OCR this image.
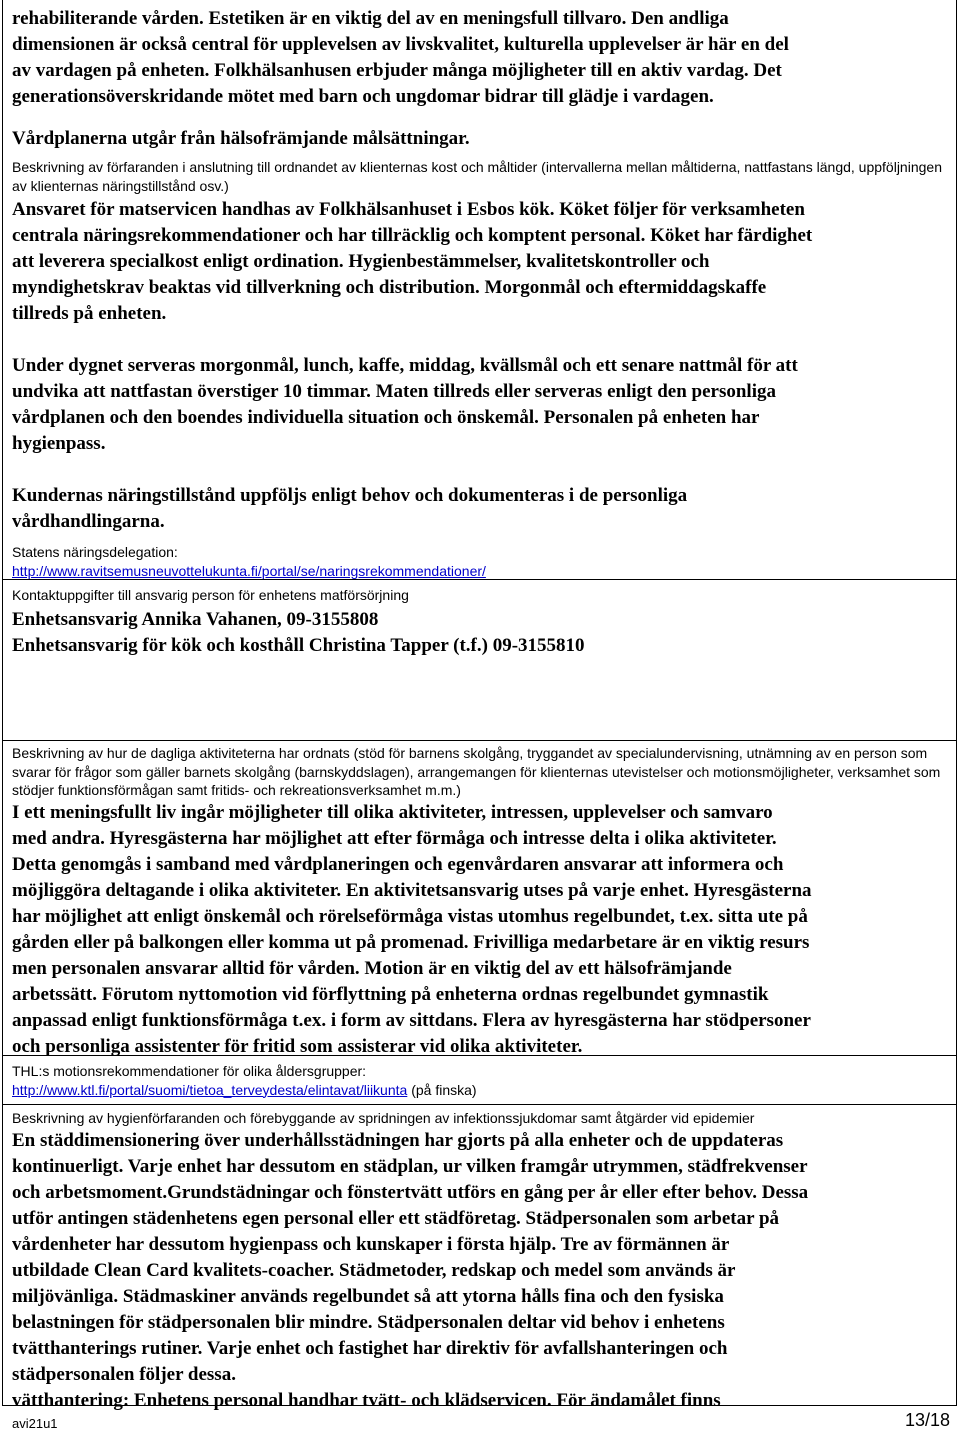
rehabiliterande vården. Estetiken är en viktig del av en meningsfull tillvaro. Den andliga

dimensionen är också central för upplevelsen av livskvalitet, kulturella upplevelser är här en del

av vardagen på enheten. Folkhälsanhusen erbjuder många möjligheter till en aktiv vardag. Det

generationsöverskridande mötet med barn och ungdomar bidrar till glädje i vardagen.

Vårdplanerna utgår från hälsofrämjande målsättningar.

Beskrivning av förfaranden i anslutning till ordnandet av klienternas kost och måltider (intervallerna mellan måltiderna, nattfastans längd, uppföljningen av klienternas näringstillstånd osv.)

Ansvaret för matservicen handhas av Folkhälsanhuset i Esbos kök. Köket följer för verksamheten

centrala näringsrekommendationer och har tillräcklig och komptent personal. Köket har färdighet

att leverera specialkost enligt ordination. Hygienbestämmelser, kvalitetskontroller och

myndighetskrav beaktas vid tillverkning och distribution. Morgonmål och eftermiddagskaffe

tillreds på enheten.

Under dygnet serveras morgonmål, lunch, kaffe, middag, kvällsmål och ett senare nattmål för att

undvika att nattfastan överstiger 10 timmar. Maten tillreds eller serveras enligt den personliga

vårdplanen och den boendes individuella situation och önskemål. Personalen på enheten har

hygienpass.

Kundernas näringstillstånd uppföljs enligt behov och dokumenteras i de personliga

vårdhandlingarna.

Statens näringsdelegation:

http://www.ravitsemusneuvottelukunta.fi/portal/se/naringsrekommendationer/

Kontaktuppgifter till ansvarig person för enhetens matförsörjning

Enhetsansvarig Annika Vahanen, 09-3155808

Enhetsansvarig för kök och kosthåll Christina Tapper (t.f.) 09-3155810

Beskrivning av hur de dagliga aktiviteterna har ordnats (stöd för barnens skolgång, tryggandet av specialundervisning, utnämning av en person som svarar för frågor som gäller barnets skolgång (barnskyddslagen), arrangemangen för klienternas utevistelser och motionsmöjligheter, verksamhet som stödjer funktionsförmågan samt fritids- och rekreationsverksamhet m.m.)

I ett meningsfullt liv ingår möjligheter till olika aktiviteter, intressen, upplevelser och samvaro

med andra. Hyresgästerna har möjlighet att efter förmåga och intresse delta i olika aktiviteter.

Detta genomgås i samband med vårdplaneringen och egenvårdaren ansvarar att informera och

möjliggöra deltagande i olika aktiviteter. En aktivitetsansvarig utses på varje enhet. Hyresgästerna

har möjlighet att enligt önskemål och rörelseförmåga vistas utomhus regelbundet, t.ex. sitta ute på

gården eller på balkongen eller komma ut på promenad. Frivilliga medarbetare är en viktig resurs

men personalen ansvarar alltid för vården. Motion är en viktig del av ett hälsofrämjande

arbetssätt. Förutom nyttomotion vid förflyttning på enheterna ordnas regelbundet gymnastik

anpassad enligt funktionsförmåga t.ex. i form av sittdans. Flera av hyresgästerna har stödpersoner

och personliga assistenter för fritid som assisterar vid olika aktiviteter.

THL:s motionsrekommendationer för olika åldersgrupper:

http://www.ktl.fi/portal/suomi/tietoa_terveydesta/elintavat/liikunta (på finska)

Beskrivning av hygienförfaranden och förebyggande av spridningen av infektionssjukdomar samt åtgärder vid epidemier

En städdimensionering över underhållsstädningen har gjorts på alla enheter och de uppdateras

kontinuerligt. Varje enhet har dessutom en städplan, ur vilken framgår utrymmen, städfrekvenser

och arbetsmoment.Grundstädningar och fönstertvätt utförs en gång per år eller efter behov. Dessa

utför antingen städenhetens egen personal eller ett städföretag. Städpersonalen som arbetar på

vårdenheter har dessutom hygienpass och kunskaper i första hjälp. Tre av förmännen är

utbildade Clean Card kvalitets-coacher. Städmetoder, redskap och medel som används är

miljövänliga. Städmaskiner används regelbundet så att ytorna hålls fina och den fysiska

belastningen för städpersonalen blir mindre. Städpersonalen deltar vid behov i enhetens

tvätthanterings rutiner. Varje enhet och fastighet har direktiv för avfallshanteringen och

städpersonalen följer dessa.

vätthantering: Enhetens personal handhar tvätt- och klädservicen. För ändamålet finns

avi21u1	13/18
